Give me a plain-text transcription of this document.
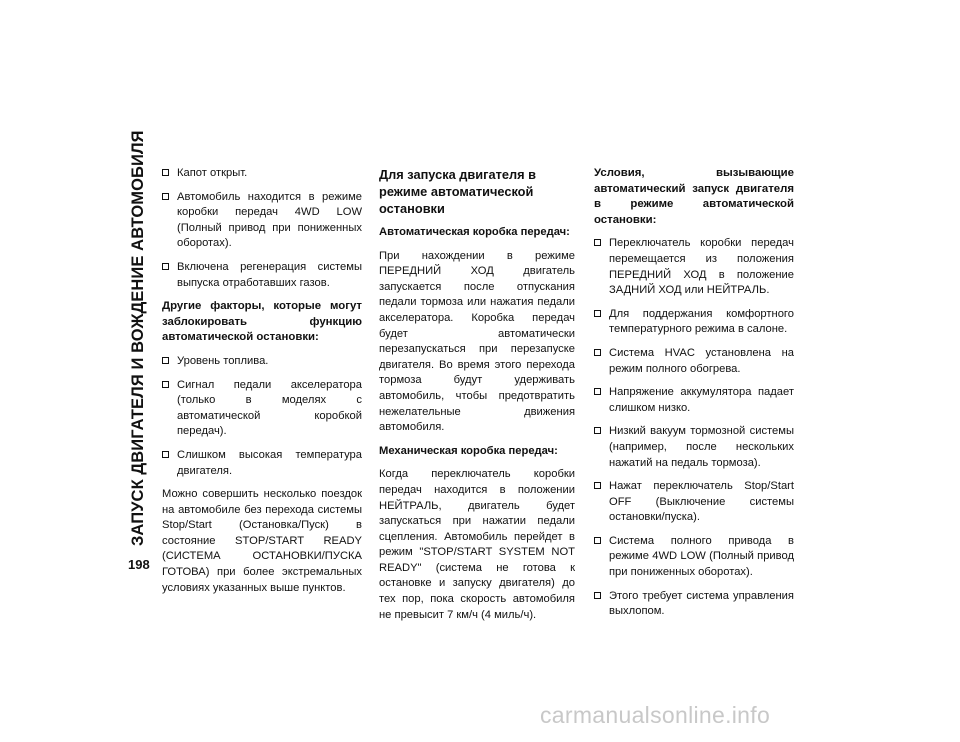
ЗАПУСК ДВИГАТЕЛЯ И ВОЖДЕНИЕ АВТОМОБИЛЯ
198
Капот открыт.
Автомобиль находится в режиме коробки передач 4WD LOW (Полный привод при пониженных оборотах).
Включена регенерация системы выпуска отработавших газов.
Другие факторы, которые могут заблокировать функцию автоматической остановки:
Уровень топлива.
Сигнал педали акселератора (только в моделях с автоматической коробкой передач).
Слишком высокая температура двигателя.
Можно совершить несколько поездок на автомобиле без перехода системы Stop/Start (Остановка/Пуск) в состояние STOP/START READY (СИСТЕМА ОСТАНОВКИ/ПУСКА ГОТОВА) при более экстремальных условиях указанных выше пунктов.
Для запуска двигателя в режиме автоматической остановки
Автоматическая коробка передач:
При нахождении в режиме ПЕРЕДНИЙ ХОД двигатель запускается после отпускания педали тормоза или нажатия педали акселератора. Коробка передач будет автоматически перезапускаться при перезапуске двигателя. Во время этого перехода тормоза будут удерживать автомобиль, чтобы предотвратить нежелательные движения автомобиля.
Механическая коробка передач:
Когда переключатель коробки передач находится в положении НЕЙТРАЛЬ, двигатель будет запускаться при нажатии педали сцепления. Автомобиль перейдет в режим "STOP/START SYSTEM NOT READY" (система не готова к остановке и запуску двигателя) до тех пор, пока скорость автомобиля не превысит 7 км/ч (4 миль/ч).
Условия, вызывающие автоматический запуск двигателя в режиме автоматической остановки:
Переключатель коробки передач перемещается из положения ПЕРЕДНИЙ ХОД в положение ЗАДНИЙ ХОД или НЕЙТРАЛЬ.
Для поддержания комфортного температурного режима в салоне.
Система HVAC установлена на режим полного обогрева.
Напряжение аккумулятора падает слишком низко.
Низкий вакуум тормозной системы (например, после нескольких нажатий на педаль тормоза).
Нажат переключатель Stop/Start OFF (Выключение системы остановки/пуска).
Система полного привода в режиме 4WD LOW (Полный привод при пониженных оборотах).
Этого требует система управления выхлопом.
carmanualsonline.info
